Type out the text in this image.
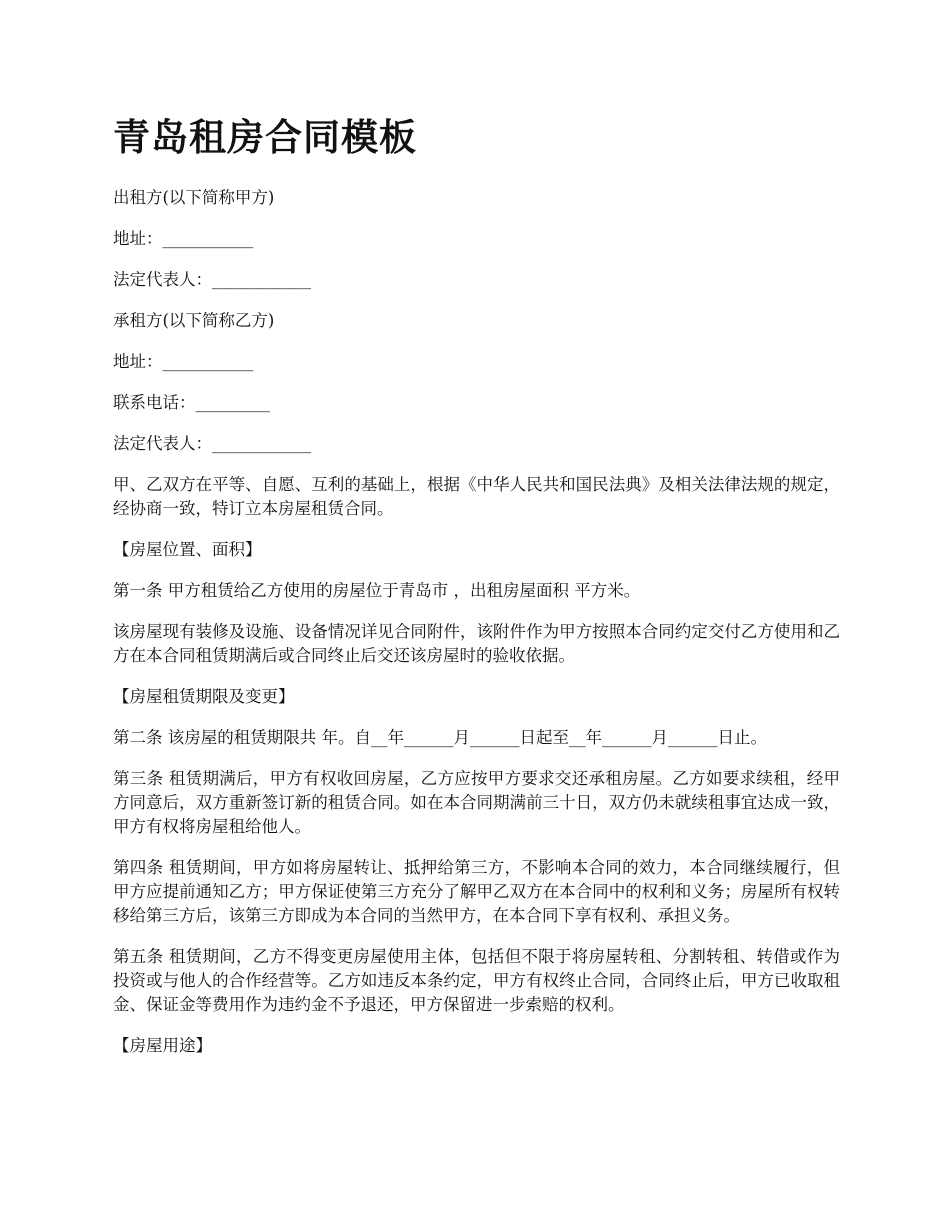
青岛租房合同模板

出租方(以下简称甲方)

地址：___________

法定代表人：____________

承租方(以下简称乙方)

地址：___________

联系电话：_________

法定代表人：____________

甲、乙双方在平等、自愿、互利的基础上，根据《中华人民共和国民法典》及相关法律法规的规定，经协商一致，特订立本房屋租赁合同。

【房屋位置、面积】

第一条 甲方租赁给乙方使用的房屋位于青岛市 ，出租房屋面积 平方米。

该房屋现有装修及设施、设备情况详见合同附件，该附件作为甲方按照本合同约定交付乙方使用和乙方在本合同租赁期满后或合同终止后交还该房屋时的验收依据。

【房屋租赁期限及变更】

第二条 该房屋的租赁期限共 年。自__年______月______日起至__年______月______日止。

第三条 租赁期满后，甲方有权收回房屋，乙方应按甲方要求交还承租房屋。乙方如要求续租，经甲方同意后，双方重新签订新的租赁合同。如在本合同期满前三十日，双方仍未就续租事宜达成一致，甲方有权将房屋租给他人。

第四条 租赁期间，甲方如将房屋转让、抵押给第三方，不影响本合同的效力，本合同继续履行，但甲方应提前通知乙方；甲方保证使第三方充分了解甲乙双方在本合同中的权利和义务；房屋所有权转移给第三方后，该第三方即成为本合同的当然甲方，在本合同下享有权利、承担义务。

第五条 租赁期间，乙方不得变更房屋使用主体，包括但不限于将房屋转租、分割转租、转借或作为投资或与他人的合作经营等。乙方如违反本条约定，甲方有权终止合同，合同终止后，甲方已收取租金、保证金等费用作为违约金不予退还，甲方保留进一步索赔的权利。

【房屋用途】
